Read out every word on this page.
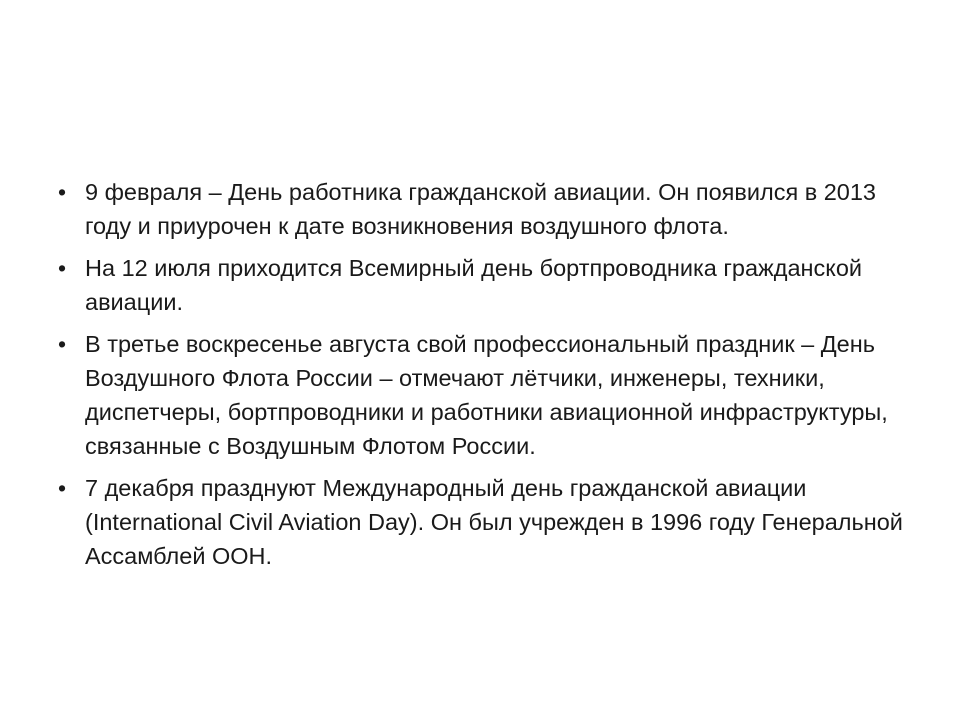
• 9 февраля – День работника гражданской авиации. Он появился в 2013 году и приурочен к дате возникновения воздушного флота.
• На 12 июля приходится Всемирный день бортпроводника гражданской авиации.
• В третье воскресенье августа свой профессиональный праздник – День Воздушного Флота России – отмечают лётчики, инженеры, техники, диспетчеры, бортпроводники и работники авиационной инфраструктуры, связанные с Воздушным Флотом России.
• 7 декабря празднуют Международный день гражданской авиации (International Civil Aviation Day). Он был учрежден в 1996 году Генеральной Ассамблей ООН.
